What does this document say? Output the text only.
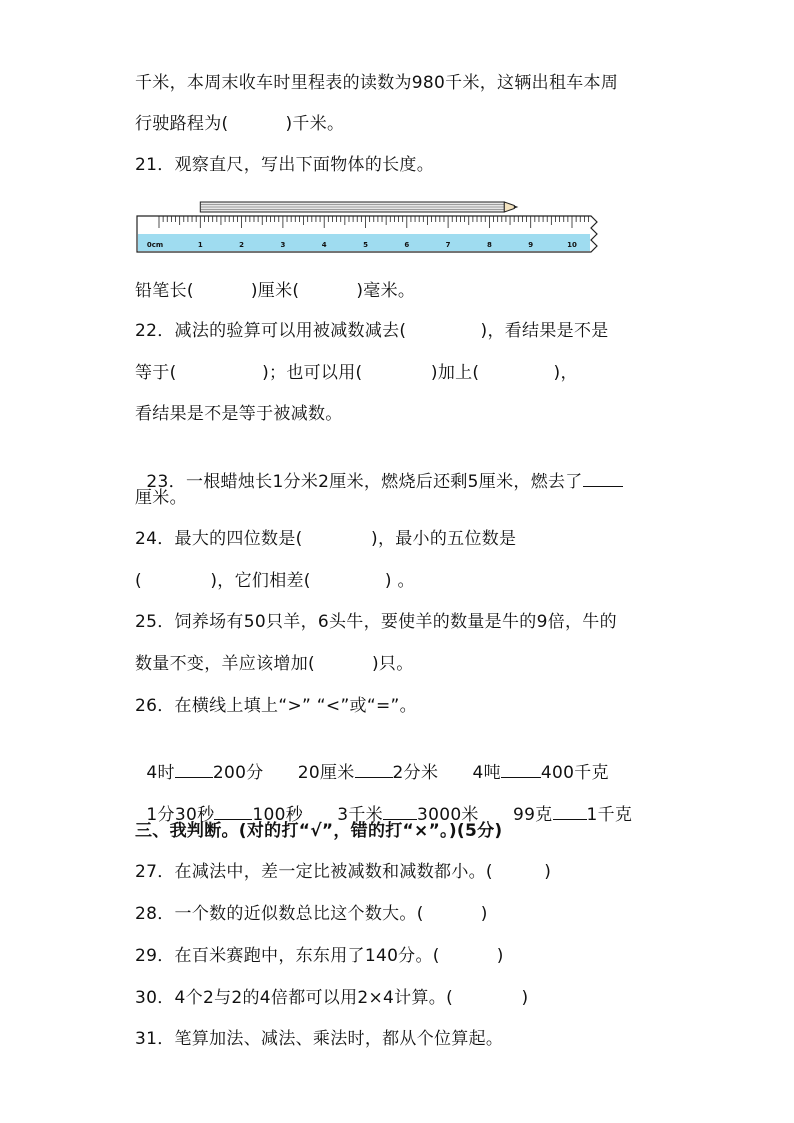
千米，本周末收车时里程表的读数为980千米，这辆出租车本周
行驶路程为(          )千米。
21．观察直尺，写出下面物体的长度。
0cm	1	2	3	4	5	6	7	8	9	10
铅笔长(          )厘米(          )毫米。
22．减法的验算可以用被减数减去(             )，看结果是不是
等于(               )；也可以用(            )加上(             )，
看结果是不是等于被减数。

23．一根蜡烛长1分米2厘米，燃烧后还剩5厘米，燃去了

厘米。
24．最大的四位数是(            )，最小的五位数是
(            )，它们相差(             ) 。
25．饲养场有50只羊，6头牛，要使羊的数量是牛的9倍，牛的
数量不变，羊应该增加(          )只。
26．在横线上填上“>” “<”或“=”。

4时 200分      20厘米 2分米      4吨 400千克

1分30秒 100秒      3千米 3000米      99克 1千克

三、我判断。(对的打“√”，错的打“×”。)(5分)
27．在减法中，差一定比被减数和减数都小。(         )
28．一个数的近似数总比这个数大。(          )
29．在百米赛跑中，东东用了140分。(          )
30．4个2与2的4倍都可以用2×4计算。(            )
31．笔算加法、减法、乘法时，都从个位算起。
